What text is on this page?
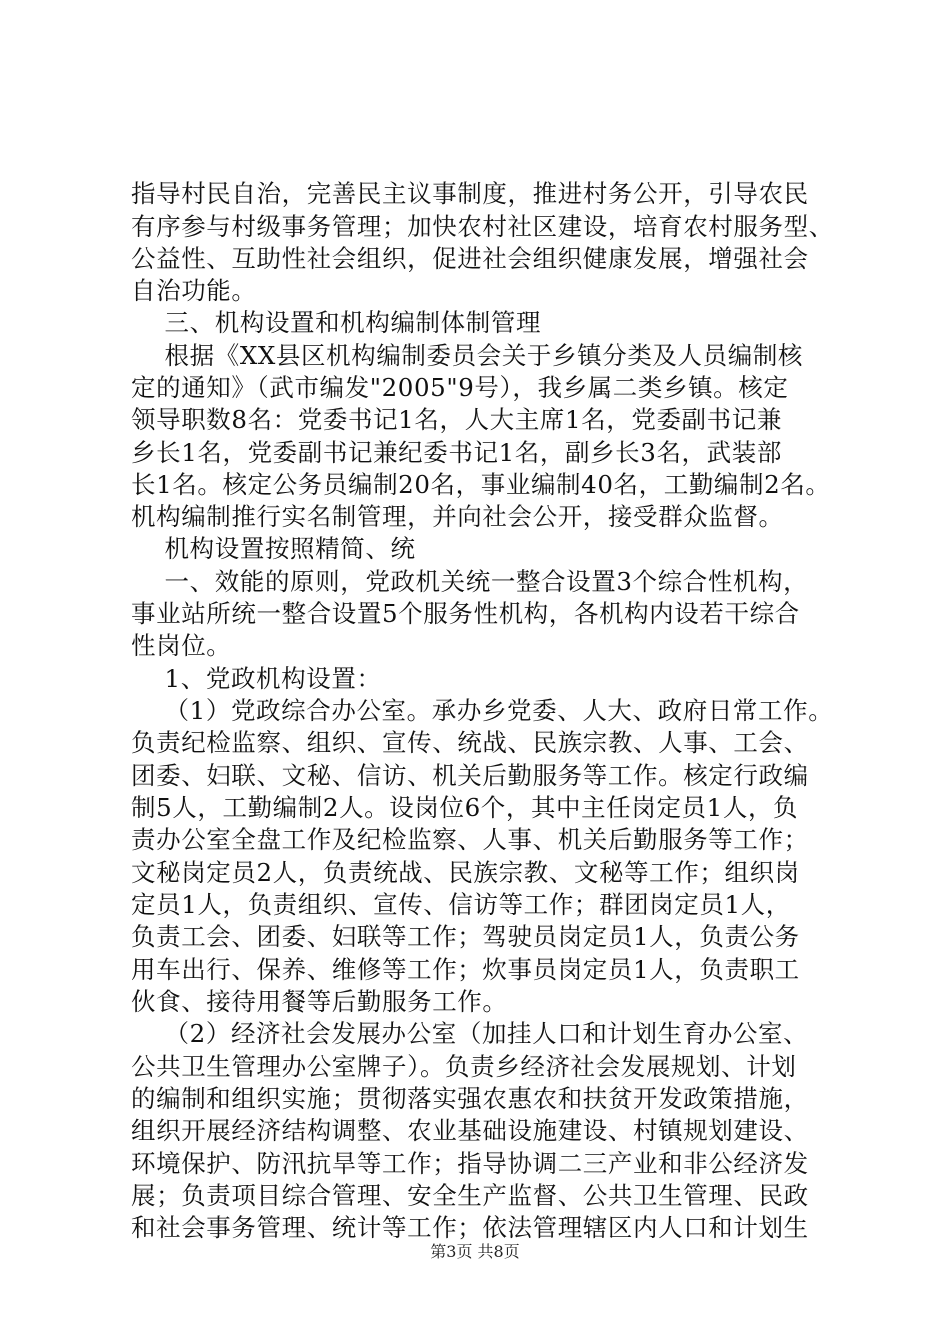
指导村民自治，完善民主议事制度，推进村务公开，引导农民
有序参与村级事务管理；加快农村社区建设，培育农村服务型、
公益性、互助性社会组织，促进社会组织健康发展，增强社会
自治功能。
三、机构设置和机构编制体制管理
根据《XX县区机构编制委员会关于乡镇分类及人员编制核
定的通知》（武市编发"2005"9号），我乡属二类乡镇。核定
领导职数8名：党委书记1名，人大主席1名，党委副书记兼
乡长1名，党委副书记兼纪委书记1名，副乡长3名，武装部
长1名。核定公务员编制20名，事业编制40名，工勤编制2名。
机构编制推行实名制管理，并向社会公开，接受群众监督。
机构设置按照精简、统
一、效能的原则，党政机关统一整合设置3个综合性机构，
事业站所统一整合设置5个服务性机构，各机构内设若干综合
性岗位。
1、党政机构设置：
（1）党政综合办公室。承办乡党委、人大、政府日常工作。
负责纪检监察、组织、宣传、统战、民族宗教、人事、工会、
团委、妇联、文秘、信访、机关后勤服务等工作。核定行政编
制5人，工勤编制2人。设岗位6个，其中主任岗定员1人，负
责办公室全盘工作及纪检监察、人事、机关后勤服务等工作；
文秘岗定员2人，负责统战、民族宗教、文秘等工作；组织岗
定员1人，负责组织、宣传、信访等工作；群团岗定员1人，
负责工会、团委、妇联等工作；驾驶员岗定员1人，负责公务
用车出行、保养、维修等工作；炊事员岗定员1人，负责职工
伙食、接待用餐等后勤服务工作。
（2）经济社会发展办公室（加挂人口和计划生育办公室、
公共卫生管理办公室牌子）。负责乡经济社会发展规划、计划
的编制和组织实施；贯彻落实强农惠农和扶贫开发政策措施，
组织开展经济结构调整、农业基础设施建设、村镇规划建设、
环境保护、防汛抗旱等工作；指导协调二三产业和非公经济发
展；负责项目综合管理、安全生产监督、公共卫生管理、民政
和社会事务管理、统计等工作；依法管理辖区内人口和计划生
第3页 共8页
